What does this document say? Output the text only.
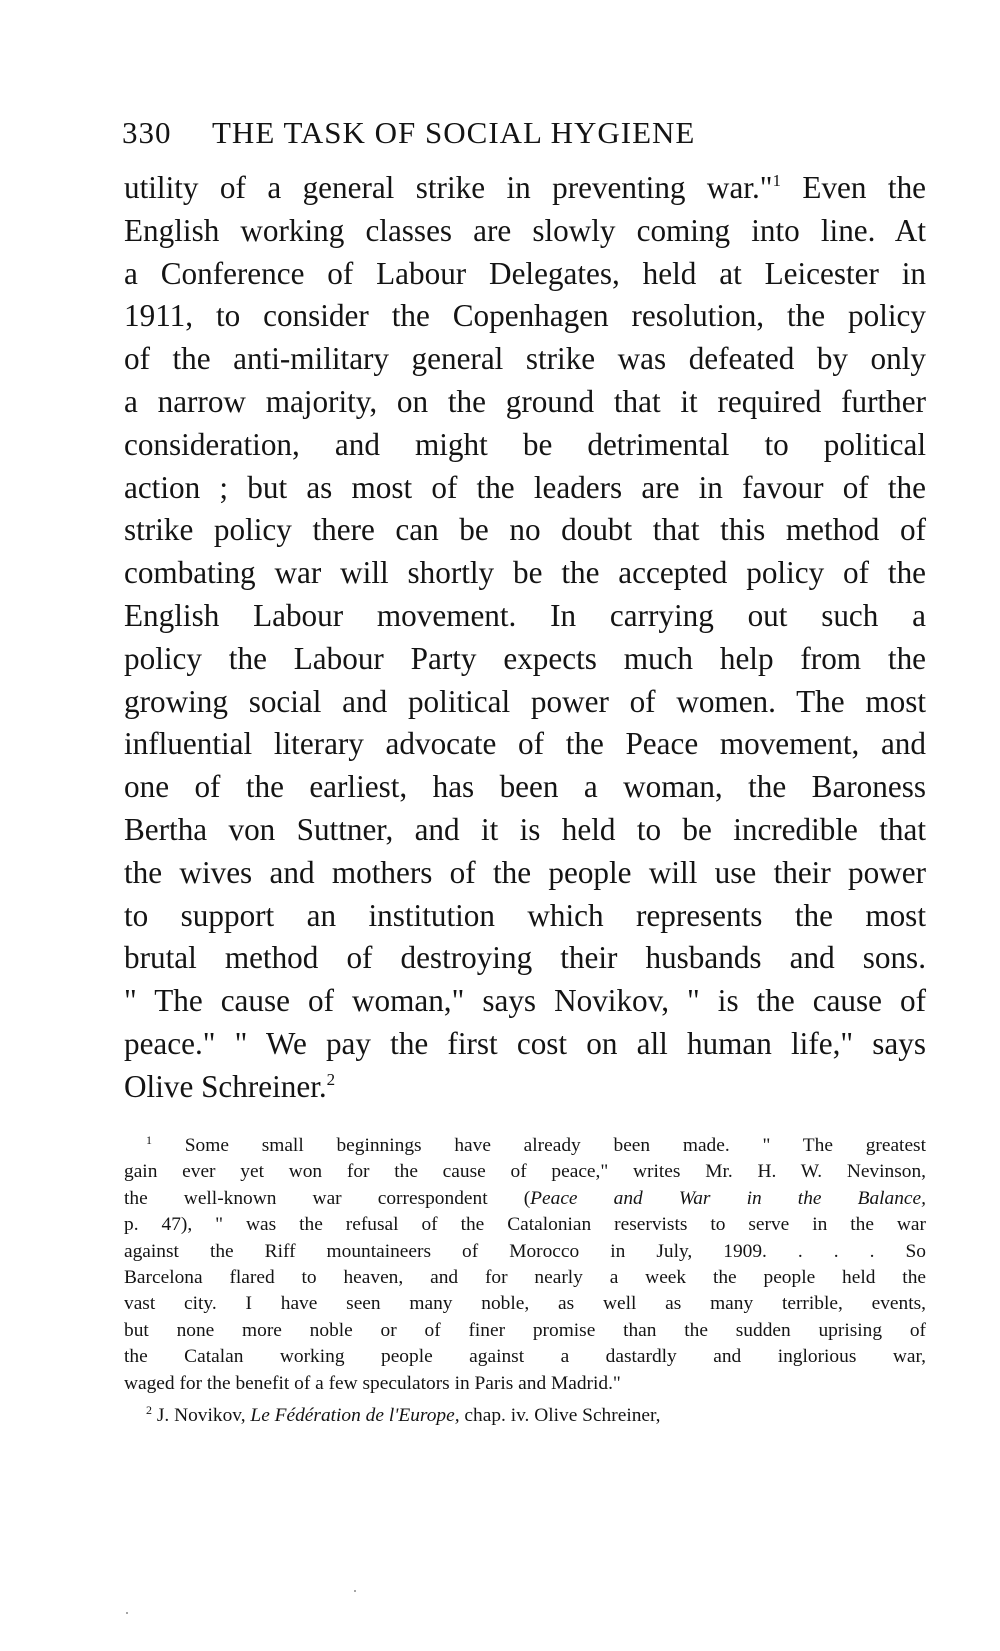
330 THE TASK OF SOCIAL HYGIENE
utility of a general strike in preventing war."$^1$ Even the
English working classes are slowly coming into line. At
a Conference of Labour Delegates, held at Leicester in
1911, to consider the Copenhagen resolution, the policy
of the anti-military general strike was defeated by only
a narrow majority, on the ground that it required further
consideration, and might be detrimental to political
action ; but as most of the leaders are in favour of the
strike policy there can be no doubt that this method of
combating war will shortly be the accepted policy of the
English Labour movement. In carrying out such a
policy the Labour Party expects much help from the
growing social and political power of women. The most
influential literary advocate of the Peace movement, and
one of the earliest, has been a woman, the Baroness
Bertha von Suttner, and it is held to be incredible that
the wives and mothers of the people will use their power
to support an institution which represents the most
brutal method of destroying their husbands and sons.
" The cause of woman," says Novikov, " is the cause of
peace." " We pay the first cost on all human life," says
Olive Schreiner.$^2$
$^1$ Some small beginnings have already been made. " The greatest
gain ever yet won for the cause of peace," writes Mr. H. W. Nevinson,
the well-known war correspondent (Peace and War in the Balance,
p. 47), " was the refusal of the Catalonian reservists to serve in the war
against the Riff mountaineers of Morocco in July, 1909. . . . So
Barcelona flared to heaven, and for nearly a week the people held the
vast city. I have seen many noble, as well as many terrible, events,
but none more noble or of finer promise than the sudden uprising of
the Catalan working people against a dastardly and inglorious war,
waged for the benefit of a few speculators in Paris and Madrid."
$^2$ J. Novikov, Le Fédération de l'Europe, chap. iv. Olive Schreiner,
